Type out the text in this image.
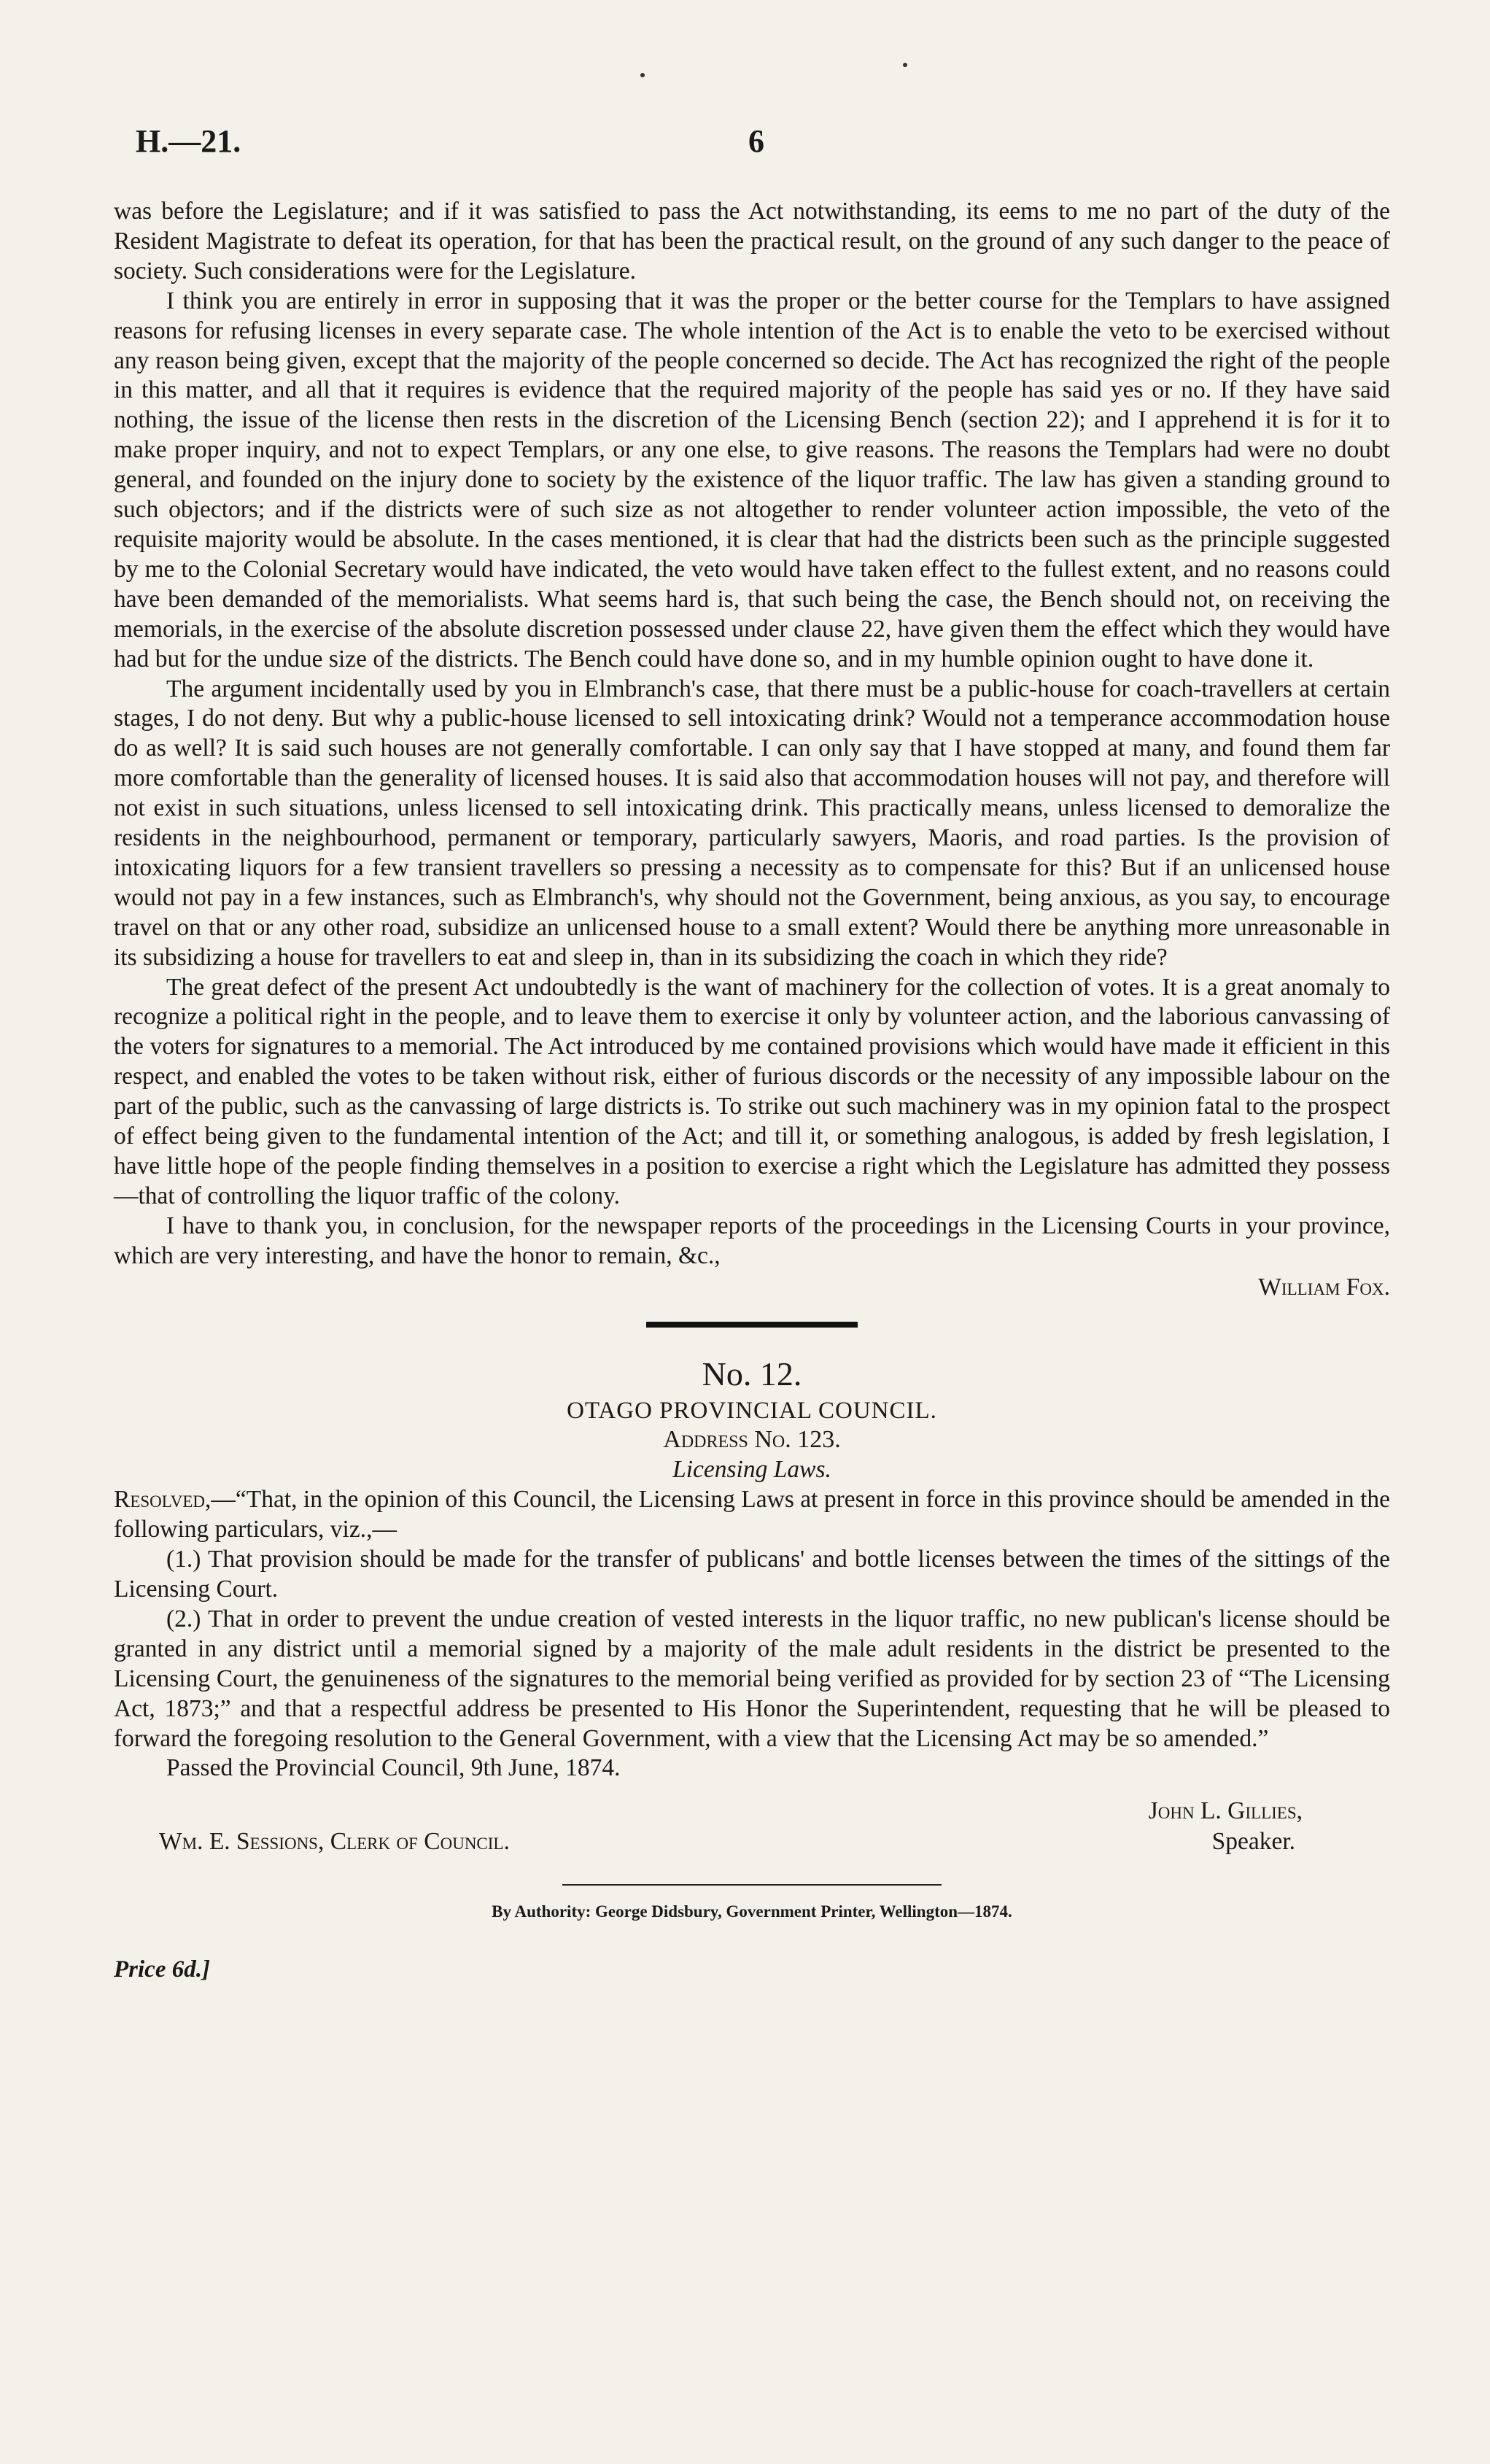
H.—21.	6

was before the Legislature; and if it was satisfied to pass the Act notwithstanding, its eems to me no part of the duty of the Resident Magistrate to defeat its operation, for that has been the practical result, on the ground of any such danger to the peace of society. Such considerations were for the Legislature.

I think you are entirely in error in supposing that it was the proper or the better course for the Templars to have assigned reasons for refusing licenses in every separate case. The whole intention of the Act is to enable the veto to be exercised without any reason being given, except that the majority of the people concerned so decide. The Act has recognized the right of the people in this matter, and all that it requires is evidence that the required majority of the people has said yes or no. If they have said nothing, the issue of the license then rests in the discretion of the Licensing Bench (section 22); and I apprehend it is for it to make proper inquiry, and not to expect Templars, or any one else, to give reasons. The reasons the Templars had were no doubt general, and founded on the injury done to society by the existence of the liquor traffic. The law has given a standing ground to such objectors; and if the districts were of such size as not altogether to render volunteer action impossible, the veto of the requisite majority would be absolute. In the cases mentioned, it is clear that had the districts been such as the principle suggested by me to the Colonial Secretary would have indicated, the veto would have taken effect to the fullest extent, and no reasons could have been demanded of the memorialists. What seems hard is, that such being the case, the Bench should not, on receiving the memorials, in the exercise of the absolute discretion possessed under clause 22, have given them the effect which they would have had but for the undue size of the districts. The Bench could have done so, and in my humble opinion ought to have done it.

The argument incidentally used by you in Elmbranch's case, that there must be a public-house for coach-travellers at certain stages, I do not deny. But why a public-house licensed to sell intoxicating drink? Would not a temperance accommodation house do as well? It is said such houses are not generally comfortable. I can only say that I have stopped at many, and found them far more comfortable than the generality of licensed houses. It is said also that accommodation houses will not pay, and therefore will not exist in such situations, unless licensed to sell intoxicating drink. This practically means, unless licensed to demoralize the residents in the neighbourhood, permanent or temporary, particularly sawyers, Maoris, and road parties. Is the provision of intoxicating liquors for a few transient travellers so pressing a necessity as to compensate for this? But if an unlicensed house would not pay in a few instances, such as Elmbranch's, why should not the Government, being anxious, as you say, to encourage travel on that or any other road, subsidize an unlicensed house to a small extent? Would there be anything more unreasonable in its subsidizing a house for travellers to eat and sleep in, than in its subsidizing the coach in which they ride?

The great defect of the present Act undoubtedly is the want of machinery for the collection of votes. It is a great anomaly to recognize a political right in the people, and to leave them to exercise it only by volunteer action, and the laborious canvassing of the voters for signatures to a memorial. The Act introduced by me contained provisions which would have made it efficient in this respect, and enabled the votes to be taken without risk, either of furious discords or the necessity of any impossible labour on the part of the public, such as the canvassing of large districts is. To strike out such machinery was in my opinion fatal to the prospect of effect being given to the fundamental intention of the Act; and till it, or something analogous, is added by fresh legislation, I have little hope of the people finding themselves in a position to exercise a right which the Legislature has admitted they possess—that of controlling the liquor traffic of the colony.

I have to thank you, in conclusion, for the newspaper reports of the proceedings in the Licensing Courts in your province, which are very interesting, and have the honor to remain, &c.,

William Fox.
No. 12.
OTAGO PROVINCIAL COUNCIL.
Address No. 123.
Licensing Laws.

Resolved,—“That, in the opinion of this Council, the Licensing Laws at present in force in this province should be amended in the following particulars, viz.,—

(1.) That provision should be made for the transfer of publicans' and bottle licenses between the times of the sittings of the Licensing Court.

(2.) That in order to prevent the undue creation of vested interests in the liquor traffic, no new publican's license should be granted in any district until a memorial signed by a majority of the male adult residents in the district be presented to the Licensing Court, the genuineness of the signatures to the memorial being verified as provided for by section 23 of “The Licensing Act, 1873;” and that a respectful address be presented to His Honor the Superintendent, requesting that he will be pleased to forward the foregoing resolution to the General Government, with a view that the Licensing Act may be so amended.”

Passed the Provincial Council, 9th June, 1874.

John L. Gillies,
Speaker.
Wm. E. Sessions, Clerk of Council.
By Authority: George Didsbury, Government Printer, Wellington—1874.
Price 6d.]
